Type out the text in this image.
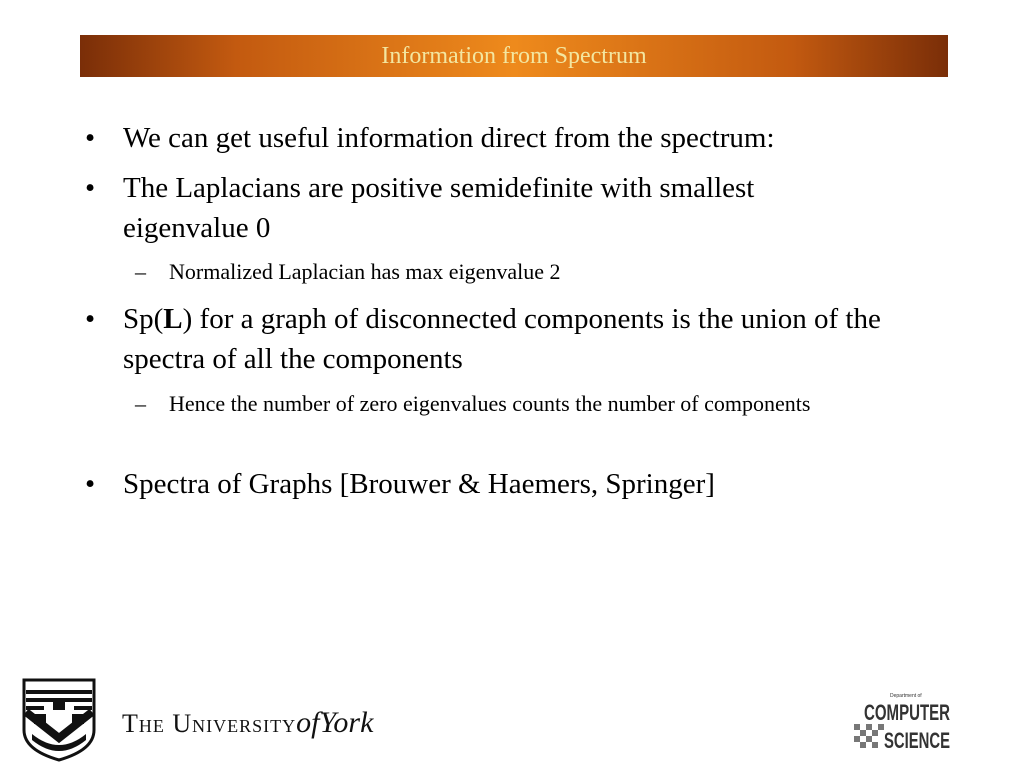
Information from Spectrum
• We can get useful information direct from the spectrum:
• The Laplacians are positive semidefinite with smallest eigenvalue 0
–	Normalized Laplacian has max eigenvalue 2
• Sp(L) for a graph of disconnected components is the union of the spectra of all the components
–	Hence the number of zero eigenvalues counts the number of components
• Spectra of Graphs [Brouwer & Haemers, Springer]
The UniversityofYork
Department of
COMPUTER
SCIENCE
